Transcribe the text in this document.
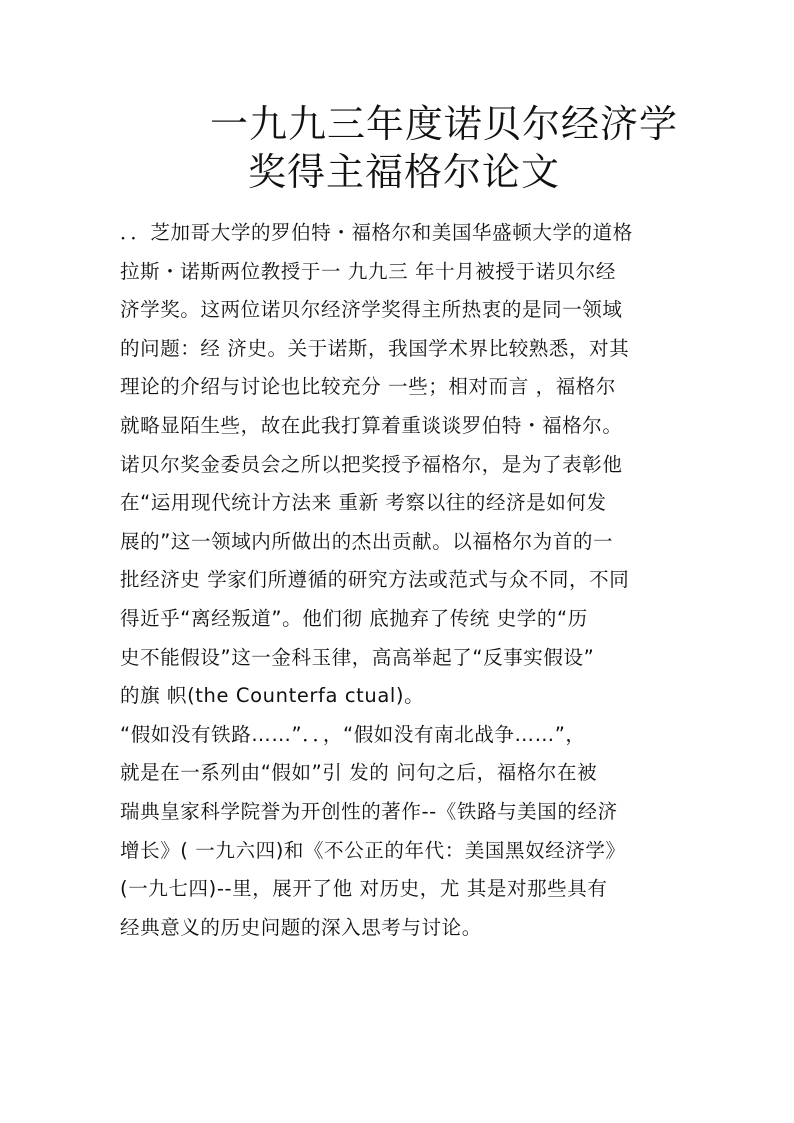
一九九三年度诺贝尔经济学
奖得主福格尔论文
．．芝加哥大学的罗伯特・福格尔和美国华盛顿大学的道格
拉斯・诺斯两位教授于一 九九三 年十月被授于诺贝尔经
济学奖。这两位诺贝尔经济学奖得主所热衷的是同一领域
的问题：经 济史。关于诺斯，我国学术界比较熟悉，对其
理论的介绍与讨论也比较充分 一些；相对而言 ，福格尔
就略显陌生些，故在此我打算着重谈谈罗伯特・福格尔。
诺贝尔奖金委员会之所以把奖授予福格尔，是为了表彰他
在“运用现代统计方法来 重新 考察以往的经济是如何发
展的”这一领域内所做出的杰出贡献。以福格尔为首的一
批经济史 学家们所遵循的研究方法或范式与众不同，不同
得近乎“离经叛道”。他们彻 底抛弃了传统 史学的“历
史不能假设”这一金科玉律，高高举起了“反事实假设”
的旗 帜(the Counterfa ctual)。
“假如没有铁路……”．．，“假如没有南北战争……”，
就是在一系列由“假如”引 发的 问句之后，福格尔在被
瑞典皇家科学院誉为开创性的著作--《铁路与美国的经济
增长》( 一九六四)和《不公正的年代：美国黑奴经济学》
(一九七四)--里，展开了他 对历史，尤 其是对那些具有
经典意义的历史问题的深入思考与讨论。
